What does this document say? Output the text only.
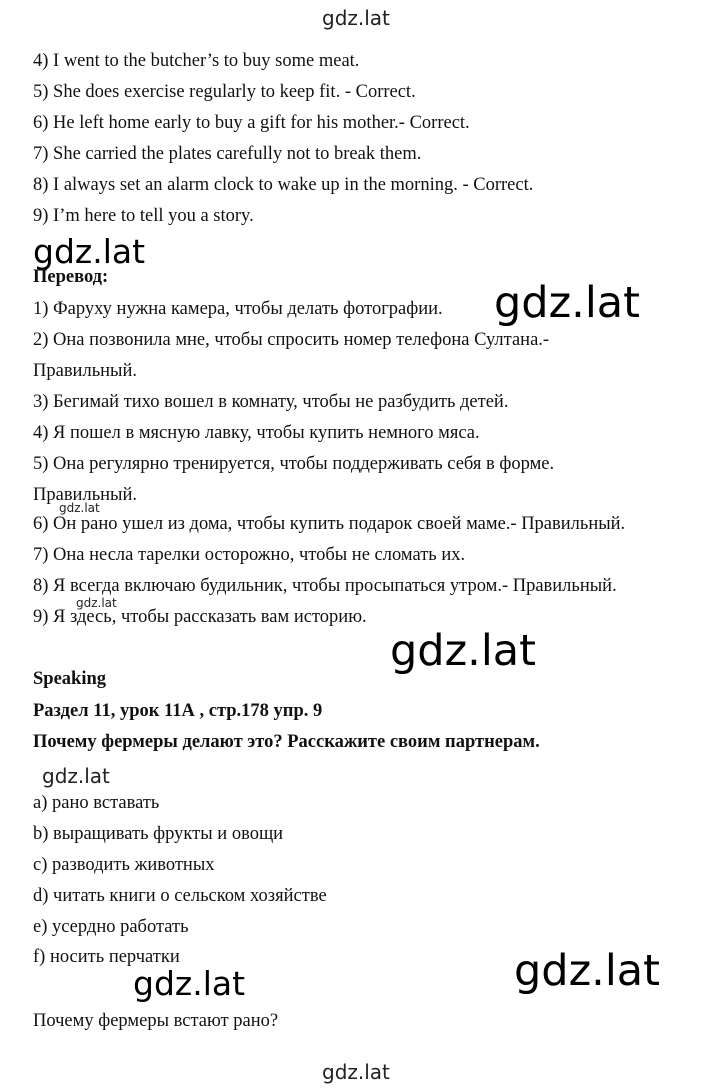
gdz.lat
gdz.lat
gdz.lat
gdz.lat
gdz.lat
gdz.lat
gdz.lat
gdz.lat
gdz.lat
gdz.lat
4) I went to the butcher’s to buy some meat.
5) She does exercise regularly to keep fit. - Correct.
6) He left home early to buy a gift for his mother.- Correct.
7) She carried the plates carefully not to break them.
8) I always set an alarm clock to wake up in the morning. - Correct.
9) I’m here to tell you a story.
Перевод:
1) Фаруху нужна камера, чтобы делать фотографии.
2) Она позвонила мне, чтобы спросить номер телефона Султана.-
Правильный.
3) Бегимай тихо вошел в комнату, чтобы не разбудить детей.
4) Я пошел в мясную лавку, чтобы купить немного мяса.
5) Она регулярно тренируется, чтобы поддерживать себя в форме.
Правильный.
6) Он рано ушел из дома, чтобы купить подарок своей маме.- Правильный.
7) Она несла тарелки осторожно, чтобы не сломать их.
8) Я всегда включаю будильник, чтобы просыпаться утром.- Правильный.
9) Я здесь, чтобы рассказать вам историю.
Speaking
Раздел 11, урок 11А , стр.178 упр. 9
Почему фермеры делают это? Расскажите своим партнерам.
a) рано вставать
b) выращивать фрукты и овощи
c) разводить животных
d) читать книги о сельском хозяйстве
e) усердно работать
f) носить перчатки
Почему фермеры встают рано?
